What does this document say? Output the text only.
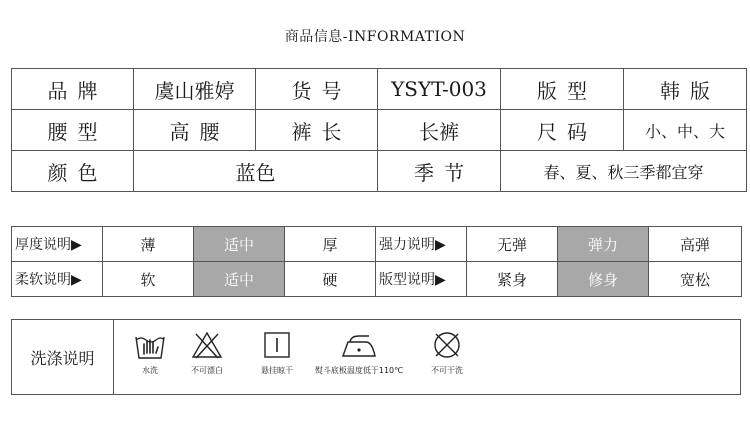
商品信息-INFORMATION
品牌	虞山雅婷	货号	YSYT-003	版型	韩版
腰型	高腰	裤长	长裤	尺码	小、中、大
颜色	蓝色		季节	春、夏、秋三季都宜穿	
厚度说明▶	薄	适中	厚	强力说明▶	无弹	弹力	高弹
柔软说明▶	软	适中	硬	版型说明▶	紧身	修身	宽松
洗涤说明
水洗	不可漂白	悬挂晾干	熨斗底板温度低于110℃	不可干洗
